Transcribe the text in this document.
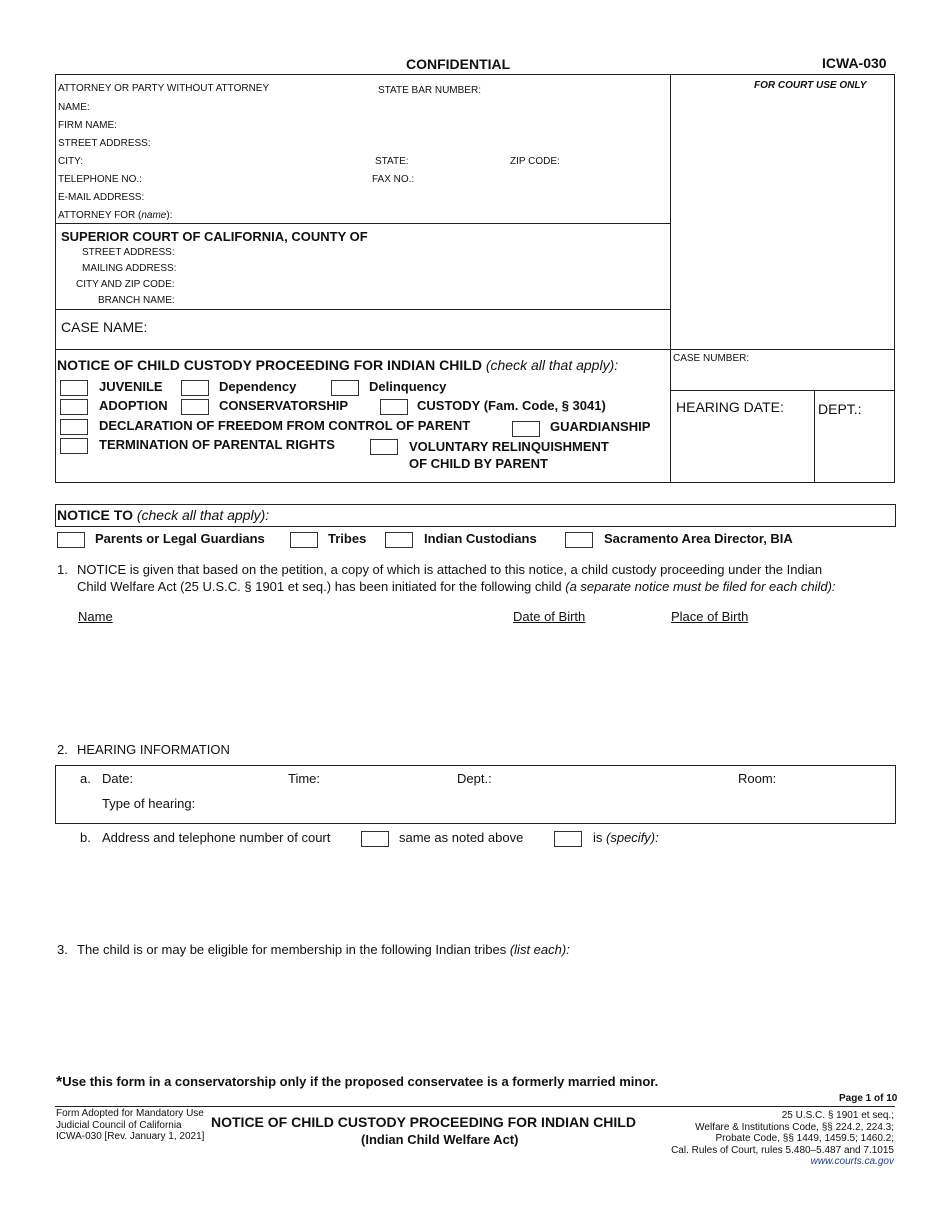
CONFIDENTIAL	ICWA-030
ATTORNEY OR PARTY WITHOUT ATTORNEY	STATE BAR NUMBER:
NAME:
FIRM NAME:
STREET ADDRESS:
CITY:	STATE:	ZIP CODE:
TELEPHONE NO.:	FAX NO.:
E-MAIL ADDRESS:
ATTORNEY FOR (name):
SUPERIOR COURT OF CALIFORNIA, COUNTY OF
STREET ADDRESS:
MAILING ADDRESS:
CITY AND ZIP CODE:
BRANCH NAME:
CASE NAME:
FOR COURT USE ONLY
CASE NUMBER:
HEARING DATE: DEPT.:
NOTICE OF CHILD CUSTODY PROCEEDING FOR INDIAN CHILD (check all that apply):
JUVENILE	Dependency	Delinquency
ADOPTION	CONSERVATORSHIP	CUSTODY (Fam. Code, § 3041)
DECLARATION OF FREEDOM FROM CONTROL OF PARENT	GUARDIANSHIP
TERMINATION OF PARENTAL RIGHTS	VOLUNTARY RELINQUISHMENT
OF CHILD BY PARENT
NOTICE TO (check all that apply):
Parents or Legal Guardians	Tribes	Indian Custodians	Sacramento Area Director, BIA
1. NOTICE is given that based on the petition, a copy of which is attached to this notice, a child custody proceeding under the Indian
Child Welfare Act (25 U.S.C. § 1901 et seq.) has been initiated for the following child (a separate notice must be filed for each child):
Name	Date of Birth	Place of Birth
2. HEARING INFORMATION
a. Date:	Time:	Dept.:	Room:
Type of hearing:
b. Address and telephone number of court	same as noted above	is (specify):
3. The child is or may be eligible for membership in the following Indian tribes (list each):
*Use this form in a conservatorship only if the proposed conservatee is a formerly married minor.
Page 1 of 10
Form Adopted for Mandatory Use
Judicial Council of California
ICWA-030 [Rev. January 1, 2021]
NOTICE OF CHILD CUSTODY PROCEEDING FOR INDIAN CHILD
(Indian Child Welfare Act)
25 U.S.C. § 1901 et seq.;
Welfare & Institutions Code, §§ 224.2, 224.3;
Probate Code, §§ 1449, 1459.5; 1460.2;
Cal. Rules of Court, rules 5.480–5.487 and 7.1015
www.courts.ca.gov
